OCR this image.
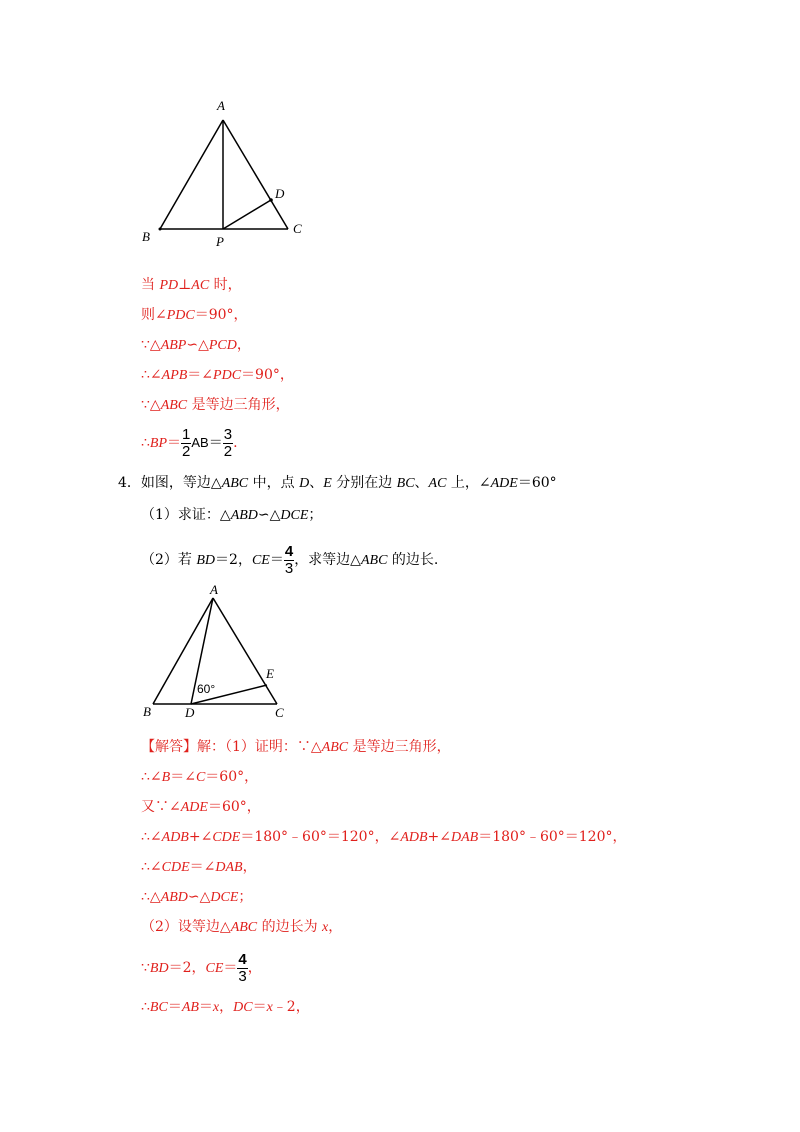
A
B
C
D
P
当 PD⊥AC 时，
则∠PDC＝90°，
∵△ABP∽△PCD，
∴∠APB＝∠PDC＝90°，
∵△ABC 是等边三角形，
∴BP＝ $\frac{1}{2} AB= \frac{3}{2}$ .
4．如图，等边△ABC 中，点 D、E 分别在边 BC、AC 上，∠ADE＝60°
（1）求证：△ABD∽△DCE；
（2）若 BD＝2，$CE= \frac{4}{3}$ ，求等边△ABC 的边长.
A
B	C
D
E
60°
【解答】解：（1）证明：∵△ABC 是等边三角形，
∴∠B＝∠C＝60°，
又∵∠ADE＝60°，
∴∠ADB+∠CDE＝180°﹣60°＝120°，∠ADB+∠DAB＝180°﹣60°＝120°，
∴∠CDE＝∠DAB，
∴△ABD∽△DCE；
（2）设等边△ABC 的边长为 x，
∵BD＝2，$CE= \frac{4}{3}$ ，
∴BC＝AB＝x，DC＝x﹣2，
